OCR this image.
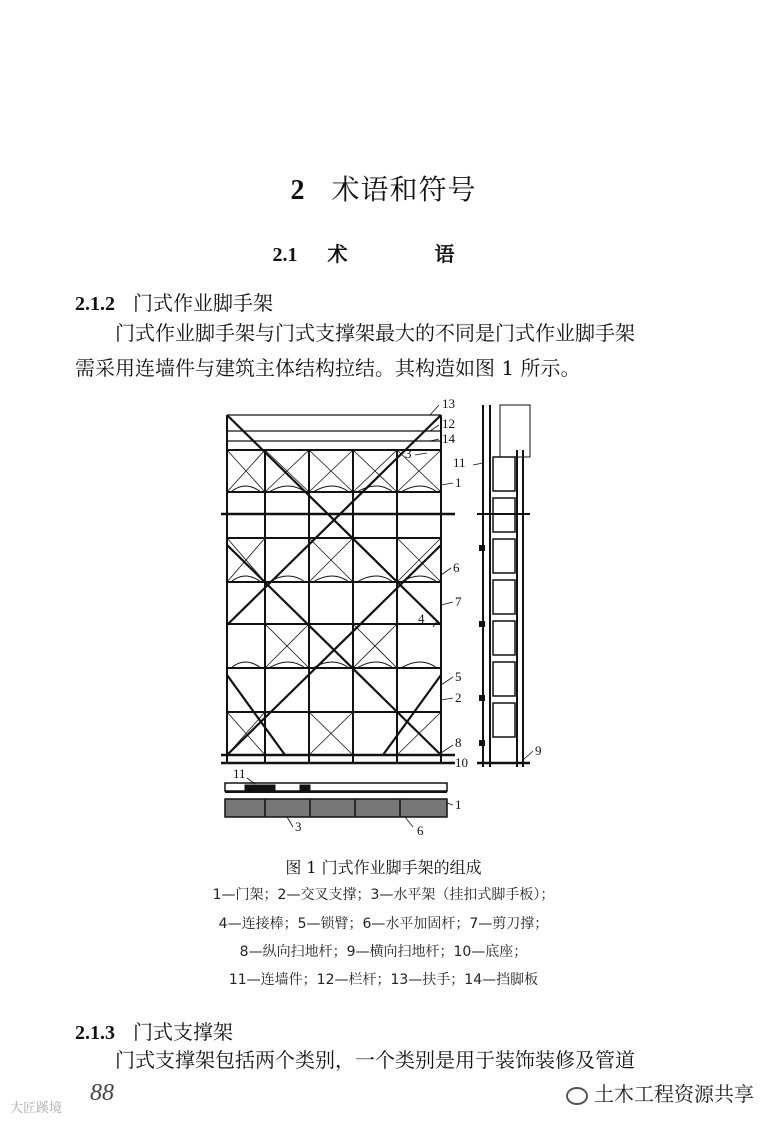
2 术语和符号
2.1 术 语
2.1.2 门式作业脚手架
门式作业脚手架与门式支撑架最大的不同是门式作业脚手架
需采用连墙件与建筑主体结构拉结。其构造如图 1 所示。
13
12
14
3
1
6
7
4
5
2
8
10
11
9
11
1
3	6
图 1 门式作业脚手架的组成
1—门架；2—交叉支撑；3—水平架（挂扣式脚手板）；
4—连接棒；5—锁臂；6—水平加固杆；7—剪刀撑；
8—纵向扫地杆；9—横向扫地杆；10—底座；
11—连墙件；12—栏杆；13—扶手；14—挡脚板
2.1.3 门式支撑架
门式支撑架包括两个类别，一个类别是用于装饰装修及管道
88
大匠蹊境
土木工程资源共享
